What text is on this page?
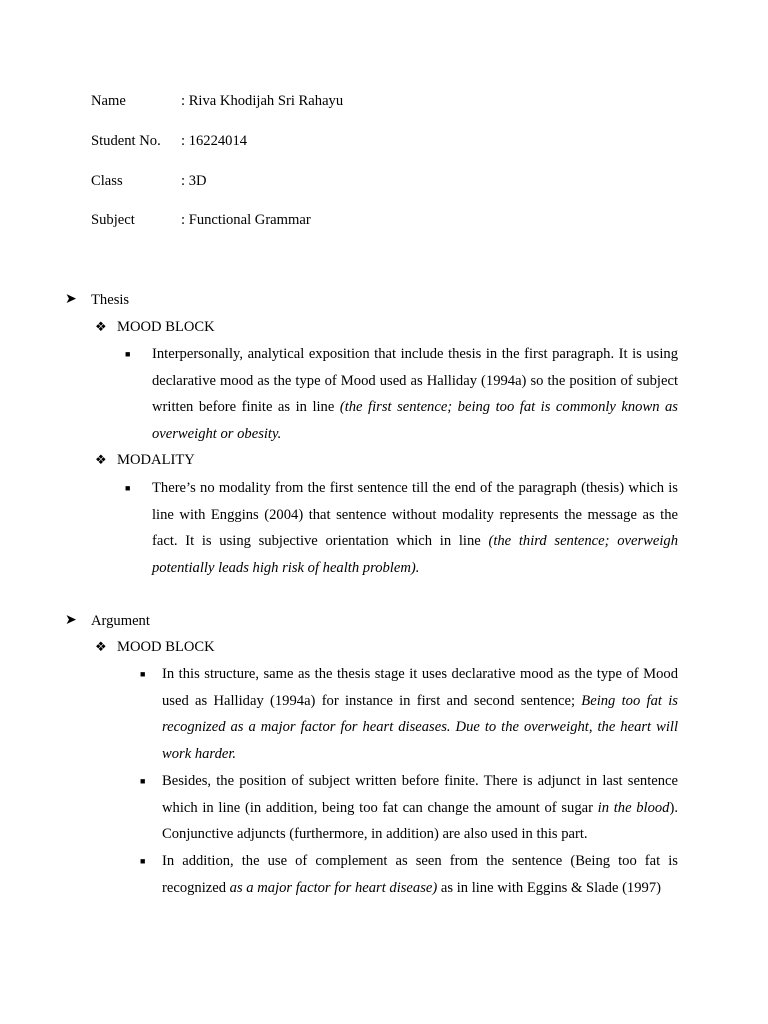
Name	: Riva Khodijah Sri Rahayu
Student No. : 16224014
Class	: 3D
Subject	: Functional Grammar
➤ Thesis
❖ MOOD BLOCK
■ Interpersonally, analytical exposition that include thesis in the first paragraph. It is using declarative mood as the type of Mood used as Halliday (1994a) so the position of subject written before finite as in line (the first sentence; being too fat is commonly known as overweight or obesity.
❖ MODALITY
■ There’s no modality from the first sentence till the end of the paragraph (thesis) which is line with Enggins (2004) that sentence without modality represents the message as the fact. It is using subjective orientation which in line (the third sentence; overweigh potentially leads high risk of health problem).
➤ Argument
❖ MOOD BLOCK
■ In this structure, same as the thesis stage it uses declarative mood as the type of Mood used as Halliday (1994a) for instance in first and second sentence; Being too fat is recognized as a major factor for heart diseases. Due to the overweight, the heart will work harder.
■ Besides, the position of subject written before finite. There is adjunct in last sentence which in line (in addition, being too fat can change the amount of sugar in the blood). Conjunctive adjuncts (furthermore, in addition) are also used in this part.
■ In addition, the use of complement as seen from the sentence (Being too fat is recognized as a major factor for heart disease) as in line with Eggins & Slade (1997)
